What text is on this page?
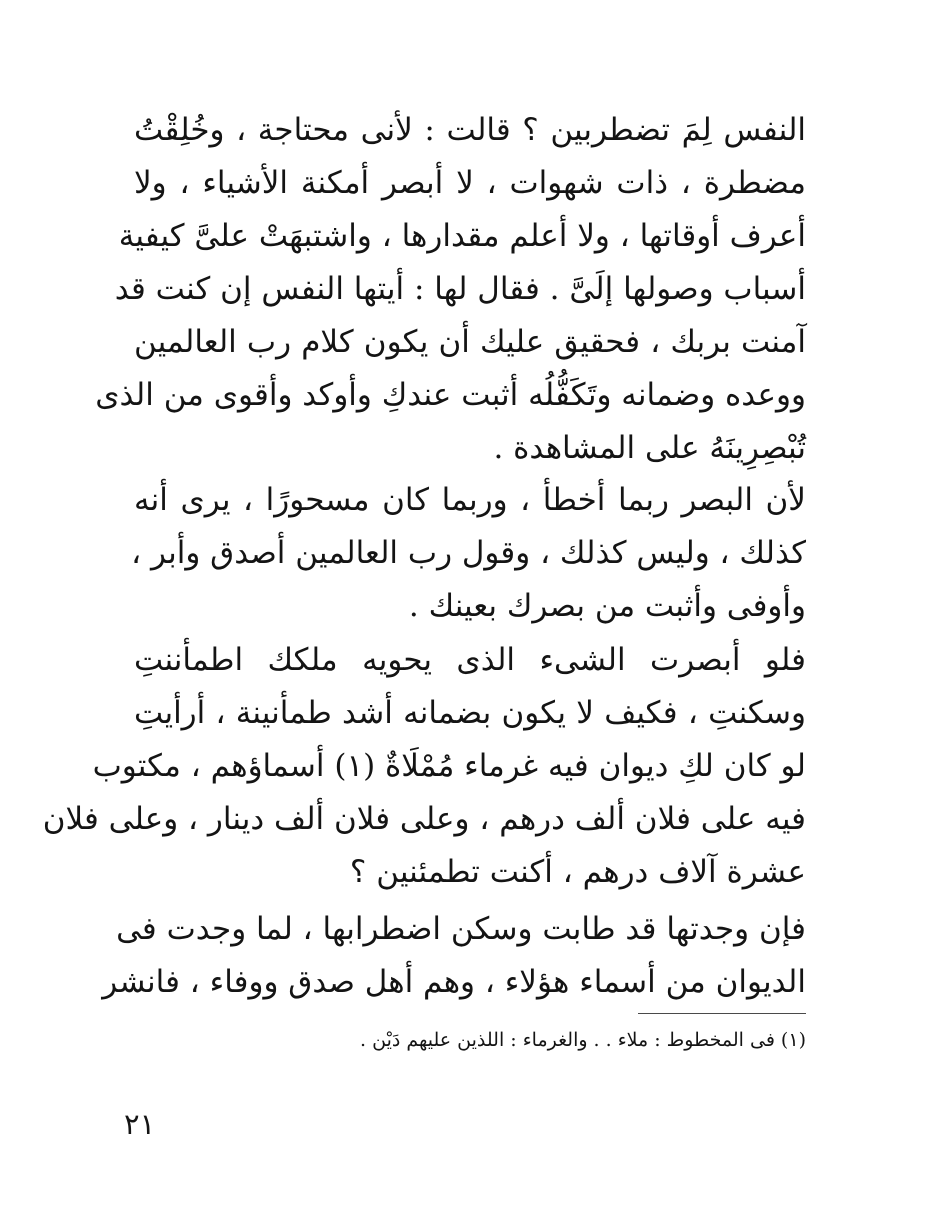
النفس لِمَ تضطربين ؟ قالت : لأنى محتاجة ، وخُلِقْتُ
مضطرة ، ذات شهوات ، لا أبصر أمكنة الأشياء ، ولا
أعرف أوقاتها ، ولا أعلم مقدارها ، واشتبهَتْ علىَّ كيفية
أسباب وصولها إلَىَّ . فقال لها : أيتها النفس إن كنت قد
آمنت بربك ، فحقيق عليك أن يكون كلام رب العالمين
ووعده وضمانه وتَكَفُّلُه أثبت عندكِ وأوكد وأقوى من الذى
تُبْصِرِينَهُ على المشاهدة .
لأن البصر ربما أخطأ ، وربما كان مسحورًا ، يرى أنه
كذلك ، وليس كذلك ، وقول رب العالمين أصدق وأبر ،
وأوفى وأثبت من بصرك بعينك .
فلو أبصرت الشىء الذى يحويه ملكك اطمأننتِ
وسكنتِ ، فكيف لا يكون بضمانه أشد طمأنينة ، أرأيتِ
لو كان لكِ ديوان فيه غرماء مُمْلَاةٌ (١) أسماؤهم ، مكتوب
فيه على فلان ألف درهم ، وعلى فلان ألف دينار ، وعلى فلان
عشرة آلاف درهم ، أكنت تطمئنين ؟
فإن وجدتها قد طابت وسكن اضطرابها ، لما وجدت فى
الديوان من أسماء هؤلاء ، وهم أهل صدق ووفاء ، فانشر
(١) فى المخطوط : ملاء . . والغرماء : اللذين عليهم دَيْن .
٢١
